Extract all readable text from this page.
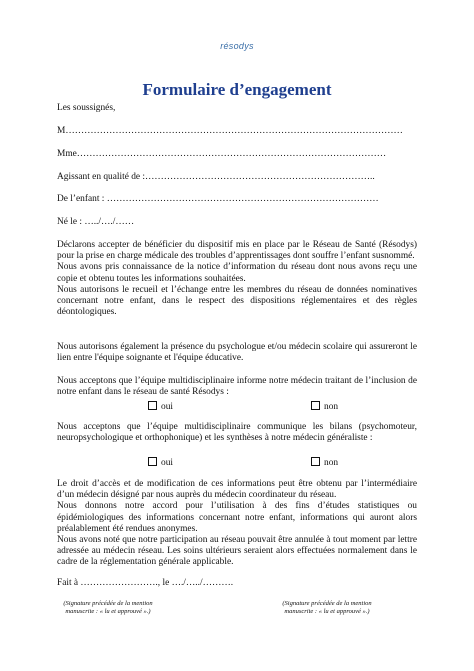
résodys
Formulaire d’engagement
Les soussignés,
M………………………………………………………………………………………………
Mme………………………………………………………………………………………
Agissant en qualité de :………………………………………………………………..
De l’enfant : ……………………………………………………………………………
Né le : …../…./……

Déclarons accepter de bénéficier du dispositif mis en place par le Réseau de Santé (Résodys) pour la prise en charge médicale des troubles d’apprentissages dont souffre l’enfant susnommé.

Nous avons pris connaissance de la notice d’information du réseau dont nous avons reçu une copie et obtenu toutes les informations souhaitées.

Nous autorisons le recueil et l’échange entre les membres du réseau de données nominatives concernant notre enfant, dans le respect des dispositions réglementaires et des règles déontologiques.

Nous autorisons également la présence du psychologue et/ou médecin scolaire qui assureront le lien entre l'équipe soignante et l'équipe éducative.
Nous acceptons que l’équipe multidisciplinaire informe notre médecin traitant de l’inclusion de notre enfant dans le réseau de santé Résodys :
oui	non
Nous acceptons que l’équipe multidisciplinaire communique les bilans (psychomoteur, neuropsychologique et orthophonique) et les synthèses à notre médecin généraliste :
oui	non

Le droit d’accès et de modification de ces informations peut être obtenu par l’intermédiaire d’un médecin désigné par nous auprès du médecin coordinateur du réseau.

Nous donnons notre accord pour l’utilisation à des fins d’études statistiques ou épidémiologiques des informations concernant notre enfant, informations qui auront alors préalablement été rendues anonymes.

Nous avons noté que notre participation au réseau pouvait être annulée à tout moment par lettre adressée au médecin réseau. Les soins ultérieurs seraient alors effectuées normalement dans le cadre de la réglementation générale applicable.

Fait à ……………………., le …./…../……….
(Signature précédée de la mention
manuscrite : « lu et approuvé ».)
(Signature précédée de la mention
manuscrite : « lu et approuvé ».)
